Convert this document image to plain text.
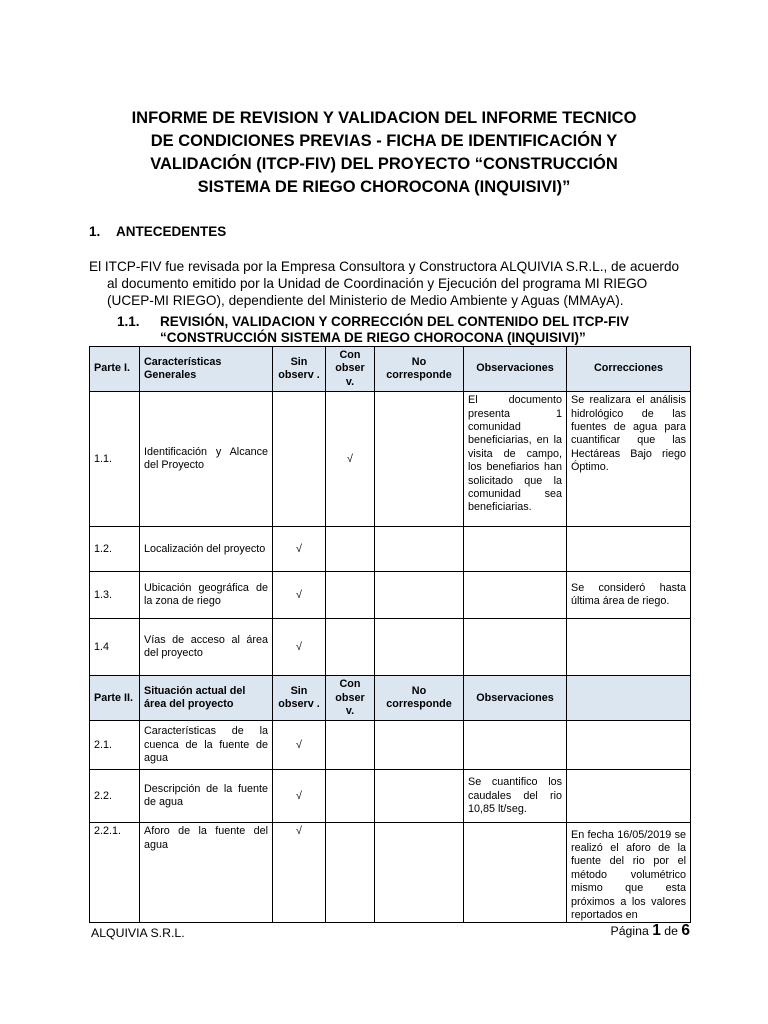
INFORME DE REVISION Y VALIDACION DEL INFORME TECNICO
DE CONDICIONES PREVIAS - FICHA DE IDENTIFICACIÓN Y
VALIDACIÓN (ITCP-FIV) DEL PROYECTO “CONSTRUCCIÓN
SISTEMA DE RIEGO CHOROCONA (INQUISIVI)”
1. ANTECEDENTES

El ITCP-FIV fue revisada por la Empresa Consultora y Constructora ALQUIVIA S.R.L., de acuerdo
al documento emitido por la Unidad de Coordinación y Ejecución del programa MI RIEGO
(UCEP-MI RIEGO), dependiente del Ministerio de Medio Ambiente y Aguas (MMAyA).

1.1.	REVISIÓN, VALIDACION Y CORRECCIÓN DEL CONTENIDO DEL ITCP-FIV
“CONSTRUCCIÓN SISTEMA DE RIEGO CHOROCONA (INQUISIVI)”
Parte I.	Características Generales	Sin observ .	Con obser v.	No corresponde	Observaciones	Correcciones
1.1.	Identificación y Alcance del Proyecto		√		El documento presenta 1 comunidad beneficiarias, en la visita de campo, los benefiarios han solicitado que la comunidad sea beneficiarias.	Se realizara el análisis hidrológico de las fuentes de agua para cuantificar que las Hectáreas Bajo riego Óptimo.
1.2.	Localización del proyecto	√				
1.3.	Ubicación geográfica de la zona de riego	√				Se consideró hasta última área de riego.
1.4	Vías de acceso al área del proyecto	√				
Parte II.	Situación actual del área del proyecto	Sin observ .	Con obser v.	No corresponde	Observaciones	
2.1.	Características de la cuenca de la fuente de agua	√				
2.2.	Descripción de la fuente de agua	√			Se cuantifico los caudales del rio 10,85 lt/seg.	
2.2.1.	Aforo de la fuente del agua	√				En fecha 16/05/2019 se realizó el aforo de la fuente del rio por el método volumétrico mismo que esta próximos a los valores reportados en
ALQUIVIA S.R.L.	Página 1 de 6
